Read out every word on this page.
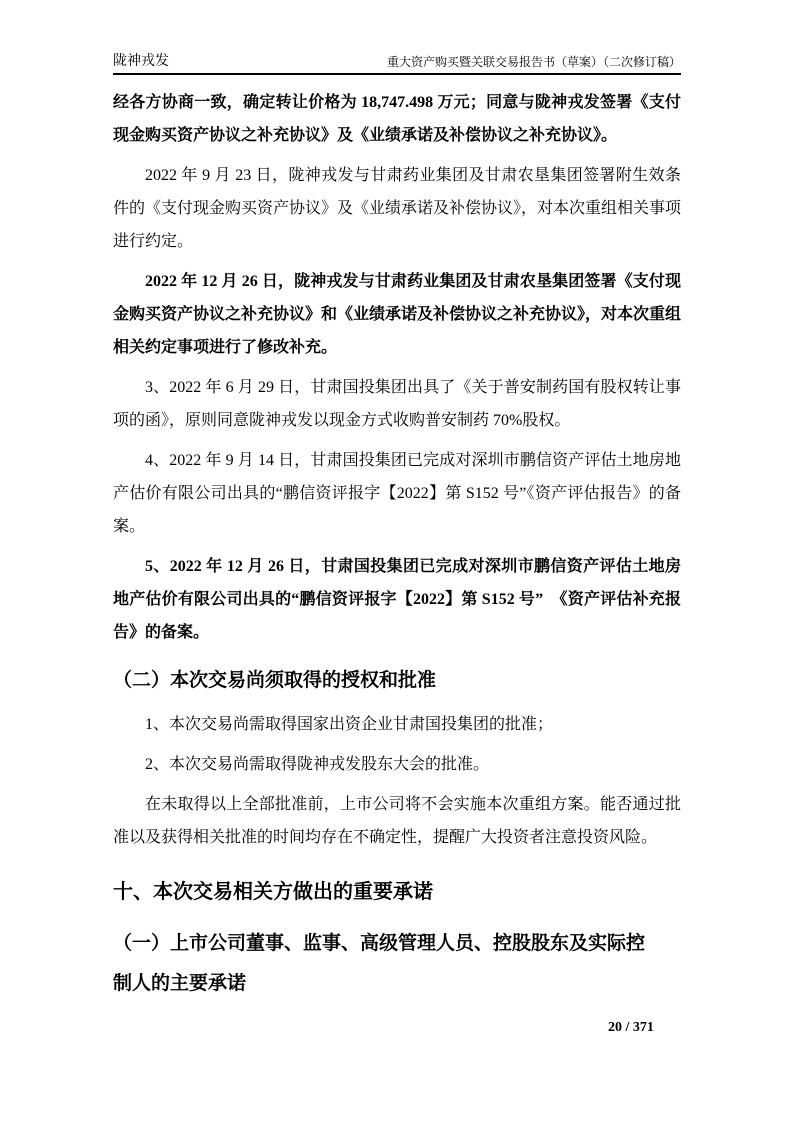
陇神戎发	重大资产购买暨关联交易报告书（草案）（二次修订稿）

经各方协商一致，确定转让价格为 18,747.498 万元；同意与陇神戎发签署《支付现金购买资产协议之补充协议》及《业绩承诺及补偿协议之补充协议》。

2022 年 9 月 23 日，陇神戎发与甘肃药业集团及甘肃农垦集团签署附生效条件的《支付现金购买资产协议》及《业绩承诺及补偿协议》，对本次重组相关事项进行约定。

2022 年 12 月 26 日，陇神戎发与甘肃药业集团及甘肃农垦集团签署《支付现金购买资产协议之补充协议》和《业绩承诺及补偿协议之补充协议》，对本次重组相关约定事项进行了修改补充。

3、2022 年 6 月 29 日，甘肃国投集团出具了《关于普安制药国有股权转让事项的函》，原则同意陇神戎发以现金方式收购普安制药 70%股权。

4、2022 年 9 月 14 日，甘肃国投集团已完成对深圳市鹏信资产评估土地房地产估价有限公司出具的“鹏信资评报字【2022】第 S152 号”《资产评估报告》的备案。

5、2022 年 12 月 26 日，甘肃国投集团已完成对深圳市鹏信资产评估土地房地产估价有限公司出具的“鹏信资评报字【2022】第 S152 号”　《资产评估补充报告》的备案。

（二）本次交易尚须取得的授权和批准

1、本次交易尚需取得国家出资企业甘肃国投集团的批准；

2、本次交易尚需取得陇神戎发股东大会的批准。

在未取得以上全部批准前，上市公司将不会实施本次重组方案。能否通过批准以及获得相关批准的时间均存在不确定性，提醒广大投资者注意投资风险。

十、本次交易相关方做出的重要承诺
（一）上市公司董事、监事、高级管理人员、控股股东及实际控制人的主要承诺
20 / 371
